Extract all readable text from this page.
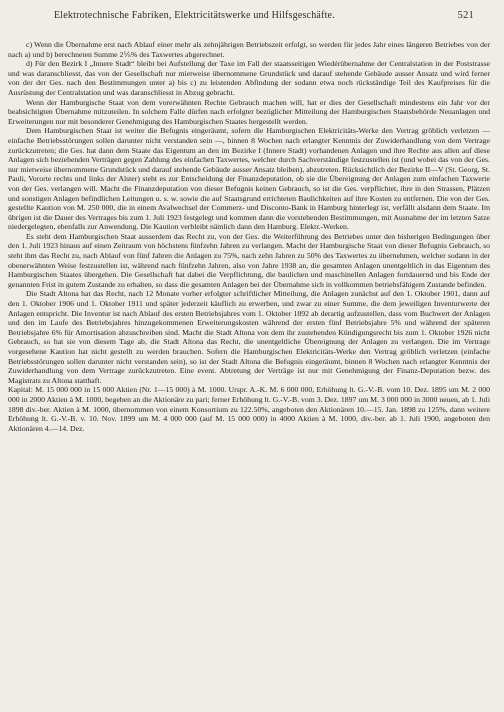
Elektrotechnische Fabriken, Elektricitätswerke und Hilfsgeschäfte.	521

c) Wenn die Übernahme erst nach Ablauf einer mehr als zehnjährigen Betriebszeit erfolgt, so werden für jedes Jahr eines längeren Betriebes von der nach a) und b) berechneten Summe 2⅕% des Taxwertes abgerechnet.

d) Für den Bezirk I „Innere Stadt“ bleibt bei Aufstellung der Taxe im Fall der staatsseitigen Wiedérübernahme der Centralstation in der Poststrasse und was daranschliesst, das von der Gesellschaft nur mietweise übernommene Grundstück und darauf stehende Gebäude ausser Ansatz und wird ferner von der der Ges. nach den Bestimmungen unter a) bis c) zu leistenden Abfindung der sodann etwa noch rückständige Teil des Kaufpreises für die Ausrüstung der Centralstation und was daranschliesst in Abzug gebracht.

Wenn der Hamburgische Staat von dem vorerwähnten Rechte Gebrauch machen will, hat er dies der Gesellschaft mindestens ein Jahr vor der beabsichtigten Übernahme mitzuteilen. In solchem Falle dürfen nach erfolgter bezüglicher Mitteilung der Hamburgischen Staatsbehörde Neuanlagen und Erweiterungen nur mit besonderer Genehmigung des Hamburgischen Staates hergestellt werden.

Dem Hamburgischen Staat ist weiter die Befugnis eingeräumt, sofern die Hamburgischen Elektricitäts-Werke den Vertrag gröblich verletzen — einfache Betriebsstörungen sollen darunter nicht verstanden sein —, binnen 8 Wochen nach erlangter Kenntnis der Zuwiderhandlung von dem Vertrage zurückzutreten; die Ges. hat dann dem Staate das Eigentum an den im Bezirke I (Innere Stadt) vorhandenen Anlagen und ihre Rechte aus allen auf diese Anlagen sich beziehenden Verträgen gegen Zahlung des einfachen Taxwertes, welcher durch Sachverständige festzustellen ist (und wobei das von der Ges. nur mietweise übernommene Grundstück und darauf stehende Gebäude ausser Ansatz bleiben), abzutreten. Rücksichtlich der Bezirke II—V (St. Georg, St. Pauli, Vororte rechts und links der Alster) steht es zur Entscheidung der Finanzdeputation, ob sie die Übereignung der Anlagen zum einfachen Taxwerte von der Ges. verlangen will. Macht die Finanzdeputation von dieser Befugnis keinen Gebrauch, so ist die Ges. verpflichtet, ihre in den Strassen, Plätzen und sonstigen Anlagen befindlichen Leitungen u. s. w. sowie die auf Staatsgrund errichteten Baulichkeiten auf ihre Kosten zu entfernen. Die von der Ges. gestellte Kaution von M. 250 000, die in einem Avalwechsel der Commerz- und Disconto-Bank in Hamburg hinterlegt ist, verfällt alsdann dem Staate. Im übrigen ist die Dauer des Vertrages bis zum 1. Juli 1923 festgelegt und kommen dann die vorstehenden Bestimmungen, mit Ausnahme der im letzten Satze niedergelegten, ebenfalls zur Anwendung. Die Kaution verbleibt nämlich dann den Hamburg. Elektr.-Werken.

Es steht dem Hamburgischen Staat ausserdem das Recht zu, von der Ges. die Weiterführung des Betriebes unter den bisherigen Bedingungen über den 1. Juli 1923 hinaus auf einen Zeitraum von höchstens fünfzehn Jahren zu verlangen. Macht der Hamburgische Staat von dieser Befugnis Gebrauch, so steht ihm das Recht zu, nach Ablauf von fünf Jahren die Anlagen zu 75%, nach zehn Jahren zu 50% des Taxwertes zu übernehmen, welcher sodann in der obenerwähnten Weise festzustellen ist, während nach fünfzehn Jahren, also von Jahre 1938 an, die gesamten Anlagen unentgeltlich in das Eigentum des Hamburgischen Staates übergehen. Die Gesellschaft hat dabei die Verpflichtung, die baulichen und maschinellen Anlagen fortdauernd und bis Ende der genannten Frist in gutem Zustande zu erhalten, so dass die gesamten Anlagen bei der Übernahme sich in vollkommen betriebsfähigem Zustande befinden.

Die Stadt Altona hat das Recht, nach 12 Monate vorher erfolgter schriftlicher Mitteilung, die Anlagen zunächst auf den 1. Oktober 1901, dann auf den 1. Oktober 1906 und 1. Oktober 1911 und später jederzeit käuflich zu erwerben, und zwar zu einer Summe, die dem jeweiligen Inventurwerte der Anlagen entspricht. Die Inventur ist nach Ablauf des ersten Betriebsjahres vom 1. Oktober 1892 ab derartig aufzustellen, dass vom Buchwert der Anlagen und den im Laufe des Betriebsjahres hinzugekommenen Erweiterungskosten während der ersten fünf Betriebsjahre 5% und während der späteren Betriebsjahre 6% für Amortisation abzuschreiben sind. Macht die Stadt Altona von dem ihr zustehenden Kündigungsrecht bis zum 1. Oktober 1926 nicht Gebrauch, so hat sie von diesem Tage ab, die Stadt Altona das Recht, die unentgeltliche Übereignung der Anlagen zu verlangen. Die im Vertrage vorgesehene Kaution hat nicht gestellt zu werden brauchen. Sofern die Hamburgischen Elektricitäts-Werke den Vertrag gröblich verletzen (einfache Betriebsstörungen sollen darunter nicht verstanden sein), so ist der Stadt Altona die Befugnis eingeräumt, binnen 8 Wochen nach erlangter Kenntnis der Zuwiderhandlung von dem Vertrage zurückzutreten. Eine event. Abtretung der Verträge ist nur mit Genehmigung der Finanz-Deputation bezw. des Magistrats zu Altona statthaft.

Kapital: M. 15 000 000 in 15 000 Aktien (Nr. 1—15 000) à M. 1000. Urspr. A.-K. M. 6 000 000, Erhöhung lt. G.-V.-B. vom 10. Dez. 1895 um M. 2 000 000 in 2000 Aktien à M. 1000, begeben an die Aktionäre zu pari; ferner Erhöhung lt. G.-V.-B. vom 3. Dez. 1897 um M. 3 000 000 in 3000 neuen, ab 1. Juli 1898 div.-ber. Aktien à M. 1000, übernommen von einem Konsortium zu 122.50%, angeboten den Aktionären 10.—15. Jan. 1898 zu 125%, dann weitere Erhöhung lt. G.-V.-B. v. 10. Nov. 1899 um M. 4 000 000 (auf M. 15 000 000) in 4000 Aktien à M. 1000, div.-ber. ab 1. Juli 1900, angeboten den Aktionären 4.—14. Dez.
